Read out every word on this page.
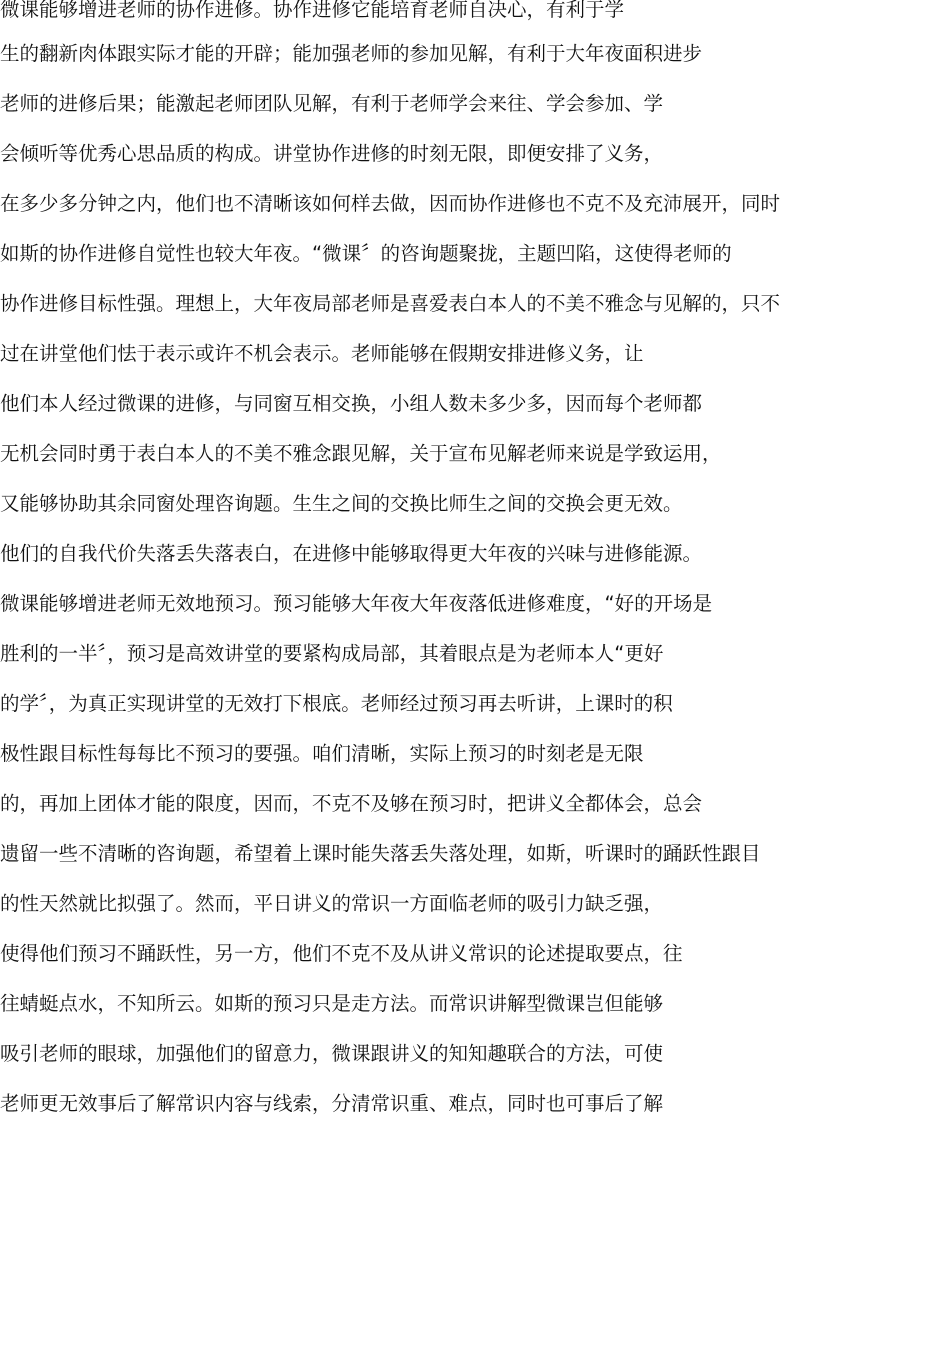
微课能够增进老师的协作进修。协作进修它能培育老师自决心，有利于学
生的翻新肉体跟实际才能的开辟；能加强老师的参加见解，有利于大年夜面积进步
老师的进修后果；能激起老师团队见解，有利于老师学会来往、学会参加、学
会倾听等优秀心思品质的构成。讲堂协作进修的时刻无限，即便安排了义务，
在多少多分钟之内，他们也不清晰该如何样去做，因而协作进修也不克不及充沛展开，同时
如斯的协作进修自觉性也较大年夜。“微课〞的咨询题聚拢，主题凹陷，这使得老师的
协作进修目标性强。理想上，大年夜局部老师是喜爱表白本人的不美不雅念与见解的，只不
过在讲堂他们怯于表示或许不机会表示。老师能够在假期安排进修义务，让
他们本人经过微课的进修，与同窗互相交换，小组人数未多少多，因而每个老师都
无机会同时勇于表白本人的不美不雅念跟见解，关于宣布见解老师来说是学致运用，
又能够协助其余同窗处理咨询题。生生之间的交换比师生之间的交换会更无效。
他们的自我代价失落丢失落表白，在进修中能够取得更大年夜的兴味与进修能源。
微课能够增进老师无效地预习。预习能够大年夜大年夜落低进修难度，“好的开场是
胜利的一半〞，预习是高效讲堂的要紧构成局部，其着眼点是为老师本人“更好
的学〞，为真正实现讲堂的无效打下根底。老师经过预习再去听讲，上课时的积
极性跟目标性每每比不预习的要强。咱们清晰，实际上预习的时刻老是无限
的，再加上团体才能的限度，因而，不克不及够在预习时，把讲义全都体会，总会
遗留一些不清晰的咨询题，希望着上课时能失落丢失落处理，如斯，听课时的踊跃性跟目
的性天然就比拟强了。然而，平日讲义的常识一方面临老师的吸引力缺乏强，
使得他们预习不踊跃性，另一方，他们不克不及从讲义常识的论述提取要点，往
往蜻蜓点水，不知所云。如斯的预习只是走方法。而常识讲解型微课岂但能够
吸引老师的眼球，加强他们的留意力，微课跟讲义的知知趣联合的方法，可使
老师更无效事后了解常识内容与线索，分清常识重、难点，同时也可事后了解
